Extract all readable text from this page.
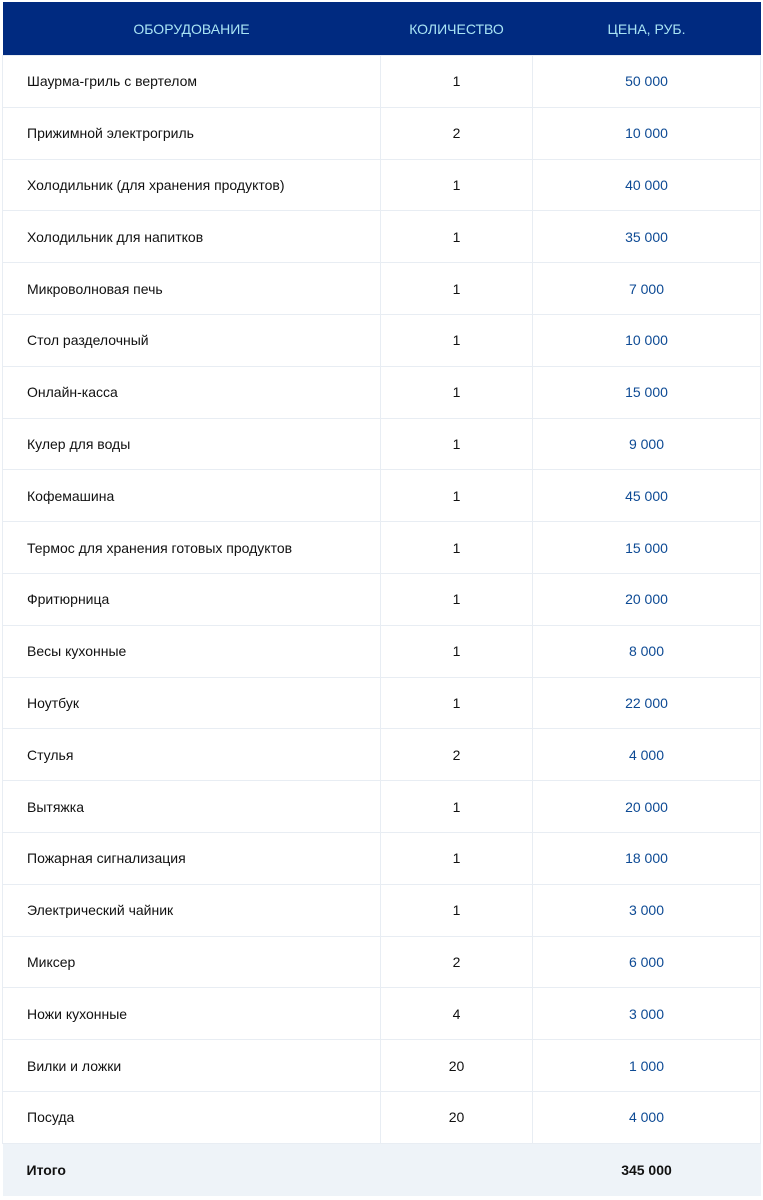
ОБОРУДОВАНИЕ	КОЛИЧЕСТВО	ЦЕНА, РУБ.
Шаурма-гриль с вертелом	1	50 000
Прижимной электрогриль	2	10 000
Холодильник (для хранения продуктов)	1	40 000
Холодильник для напитков	1	35 000
Микроволновая печь	1	7 000
Стол разделочный	1	10 000
Онлайн-касса	1	15 000
Кулер для воды	1	9 000
Кофемашина	1	45 000
Термос для хранения готовых продуктов	1	15 000
Фритюрница	1	20 000
Весы кухонные	1	8 000
Ноутбук	1	22 000
Стулья	2	4 000
Вытяжка	1	20 000
Пожарная сигнализация	1	18 000
Электрический чайник	1	3 000
Миксер	2	6 000
Ножи кухонные	4	3 000
Вилки и ложки	20	1 000
Посуда	20	4 000
Итого		345 000
